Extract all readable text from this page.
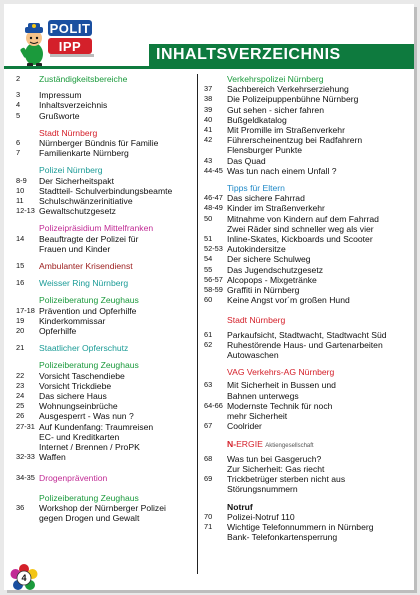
POLITIPP	INHALTSVERZEICHNIS
2	Zuständigkeitsbereiche
3	Impressum
4	Inhaltsverzeichnis
5	Grußworte
Stadt Nürnberg
6	Nürnberger Bündnis für Familie
7	Familienkarte Nürnberg
Polizei Nürnberg
8-9	Der Sicherheitspakt
10	Stadtteil- Schulverbindungsbeamte
11	Schulschwänzerinitiative
12-13 Gewaltschutzgesetz
Polizeipräsidium Mittelfranken
14	Beauftragte der Polizei für
Frauen und Kinder
15	Ambulanter Krisendienst
16	Weisser Ring Nürnberg
Polizeiberatung Zeughaus
17-18 Prävention und Opferhilfe
19	Kinderkommissar
20	Opferhilfe
21	Staatlicher Opferschutz
Polizeiberatung Zeughaus
22	Vorsicht Taschendiebe
23	Vorsicht Trickdiebe
24	Das sichere Haus
25	Wohnungseinbrüche
26	Ausgesperrt - Was nun ?
27-31 Auf Kundenfang: Traumreisen
EC- und Kreditkarten
Internet / Brennen / ProPK
32-33 Waffen
34-35 Drogenprävention
Polizeiberatung Zeughaus
36	Workshop der Nürnberger Polizei
gegen Drogen und Gewalt
Verkehrspolizei Nürnberg
37	Sachbereich Verkehrserziehung
38	Die Polizeipuppenbühne Nürnberg
39	Gut sehen - sicher fahren
40	Bußgeldkatalog
41	Mit Promille im Straßenverkehr
42	Führerscheinentzug bei Radfahrern
Flensburger Punkte
43	Das Quad
44-45 Was tun nach einem Unfall ?
Tipps für Eltern
46-47 Das sichere Fahrrad
48-49 Kinder im Straßenverkehr
50	Mitnahme von Kindern auf dem Fahrrad
Zwei Räder sind schneller weg als vier
51	Inline-Skates, Kickboards und Scooter
52-53 Autokindersitze
54	Der sichere Schulweg
55	Das Jugendschutzgesetz
56-57 Alcopops - Mixgetränke
58-59 Graffiti in Nürnberg
60	Keine Angst vor´m großen Hund
Stadt Nürnberg
61	Parkaufsicht, Stadtwacht, Stadtwacht Süd
62	Ruhestörende Haus- und Gartenarbeiten
Autowaschen
VAG Verkehrs-AG Nürnberg
63	Mit Sicherheit in Bussen und
Bahnen unterwegs
64-66 Modernste Technik für noch
mehr Sicherheit
67	Coolrider
N-ERGIE Aktiengesellschaft
68	Was tun bei Gasgeruch?
Zur Sicherheit: Gas riecht
69	Trickbetrüger sterben nicht aus
Störungsnummern
Notruf
70	Polizei-Notruf 110
71	Wichtige Telefonnummern in Nürnberg
Bank- Telefonkartensperrung
4
